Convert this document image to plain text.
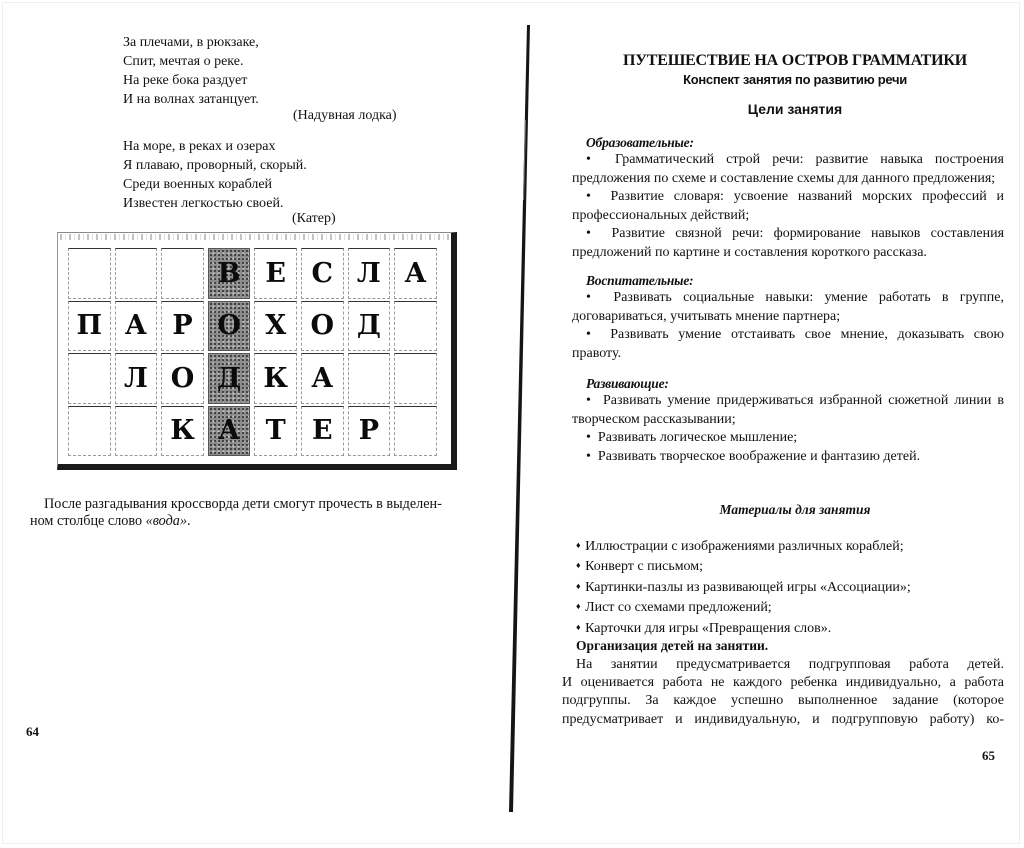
За плечами, в рюкзаке,
Спит, мечтая о реке.
На реке бока раздует
И на волнах затанцует.
(Надувная лодка)
На море, в реках и озерах
Я плаваю, проворный, скорый.
Среди военных кораблей
Известен легкостью своей.
(Катер)
В Е С Л А
П А Р О Х О Д
Л О Д К А
К А Т Е Р
После разгадывания кроссворда дети смогут прочесть в выделен-
ном столбце слово «вода».
64
ПУТЕШЕСТВИЕ НА ОСТРОВ ГРАММАТИКИ
Конспект занятия по развитию речи
Цели занятия
Образовательные:

•  Грамматический строй речи: развитие навыка построения предложения по схеме и составление схемы для данного предложения;

•  Развитие словаря: усвоение названий морских профессий и профессиональных действий;

•  Развитие связной речи: формирование навыков составления предложений по картине и составления короткого рассказа.

Воспитательные:

•  Развивать социальные навыки: умение работать в группе, договариваться, учитывать мнение партнера;

•  Развивать умение отстаивать свое мнение, доказывать свою правоту.

Развивающие:

•  Развивать умение придерживаться избранной сюжетной линии в творческом рассказывании;

•  Развивать логическое мышление;

•  Развивать творческое воображение и фантазию детей.

Материалы для занятия
♦  Иллюстрации с изображениями различных кораблей;
♦  Конверт с письмом;
♦  Картинки-пазлы из развивающей игры «Ассоциации»;
♦  Лист со схемами предложений;
♦  Карточки для игры «Превращения слов».
Организация детей на занятии.

На занятии предусматривается подгрупповая работа детей.

И оценивается работа не каждого ребенка индивидуально, а работа

подгруппы. За каждое успешно выполненное задание (которое

предусматривает и индивидуальную, и подгрупповую работу) ко-

65
